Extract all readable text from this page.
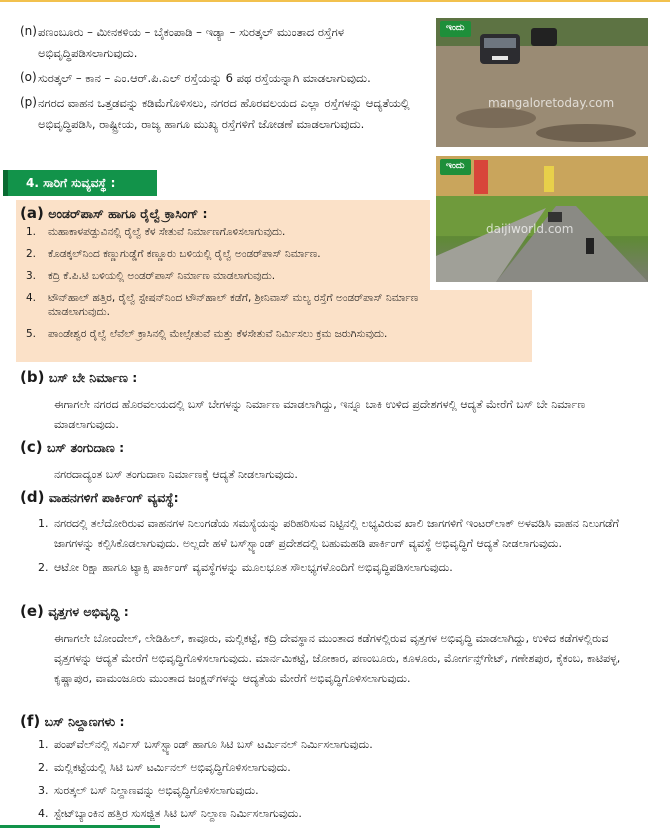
(n) ಪಣಂಬೂರು – ಮೀನಕಳಿಯ – ಬೈಕಂಪಾಡಿ – ಇಡ್ಯಾ – ಸುರತ್ಕಲ್ ಮುಂತಾದ ರಸ್ತೆಗಳ ಅಭಿವೃದ್ಧಿಪಡಿಸಲಾಗುವುದು.
(o) ಸುರತ್ಕಲ್ – ಕಾನ – ಎಂ.ಆರ್.ಪಿ.ಎಲ್ ರಸ್ತೆಯನ್ನು 6 ಪಥ ರಸ್ತೆಯನ್ನಾಗಿ ಮಾಡಲಾಗುವುದು.
(p) ನಗರದ ವಾಹನ ಒತ್ತಡವನ್ನು ಕಡಿಮೆಗೊಳಿಸಲು, ನಗರದ ಹೊರವಲಯದ ಎಲ್ಲಾ ರಸ್ತೆಗಳನ್ನು ಆದ್ಯತೆಯಲ್ಲಿ ಅಭಿವೃದ್ಧಿಪಡಿಸಿ, ರಾಷ್ಟ್ರೀಯ, ರಾಜ್ಯ ಹಾಗೂ ಮುಖ್ಯ ರಸ್ತೆಗಳಿಗೆ ಜೋಡಣೆ ಮಾಡಲಾಗುವುದು.
ಇಂದು
mangaloretoday.com
ಇಂದು
daijiworld.com
4. ಸಾರಿಗೆ ಸುವ್ಯವಸ್ಥೆ :
(a) ಅಂಡರ್‌ಪಾಸ್ ಹಾಗೂ ರೈಲ್ವೆ ಕ್ರಾಸಿಂಗ್ :
1.	ಮಹಾಕಾಳಪಡ್ಪುವಿನಲ್ಲಿ ರೈಲ್ವೆ ಕೆಳ ಸೇತುವೆ ನಿರ್ಮಾಣಗೊಳಿಸಲಾಗುವುದು.
2.	ಕೊಡಕ್ಕಲ್‌ನಿಂದ ಕಣ್ಣುಗುಡ್ಡೆಗೆ ಕಣ್ಣೂರು ಬಳಿಯಲ್ಲಿ ರೈಲ್ವೆ ಅಂಡರ್‌ಪಾಸ್ ನಿರ್ಮಾಣ.
3.	ಕದ್ರಿ ಕೆ.ಪಿ.ಟಿ ಬಳಿಯಲ್ಲಿ ಅಂಡರ್‌ಪಾಸ್ ನಿರ್ಮಾಣ ಮಾಡಲಾಗುವುದು.
4.	ಟೌನ್‌ಹಾಲ್ ಹತ್ತಿರ, ರೈಲ್ವೆ ಸ್ಟೇಷನ್‌ನಿಂದ ಟೌನ್‌ಹಾಲ್ ಕಡೆಗೆ, ಶ್ರೀನಿವಾಸ್ ಮಲ್ಯ ರಸ್ತೆಗೆ ಅಂಡರ್‌ಪಾಸ್ ನಿರ್ಮಾಣ ಮಾಡಲಾಗುವುದು.
5.	ಪಾಂಡೇಶ್ವರ ರೈಲ್ವೆ ಲೆವೆಲ್ ಕ್ರಾಸಿನಲ್ಲಿ ಮೇಲ್ಸೇತುವೆ ಮತ್ತು ಕೆಳಸೇತುವೆ ನಿರ್ಮಿಸಲು ಕ್ರಮ ಜರುಗಿಸುವುದು.
(b) ಬಸ್ ಬೇ ನಿರ್ಮಾಣ :
ಈಗಾಗಲೇ ನಗರದ ಹೊರವಲಯದಲ್ಲಿ ಬಸ್ ಬೇಗಳನ್ನು ನಿರ್ಮಾಣ ಮಾಡಲಾಗಿದ್ದು, ಇನ್ನೂ ಬಾಕಿ ಉಳಿದ ಪ್ರದೇಶಗಳಲ್ಲಿ ಆದ್ಯತೆ ಮೇರೆಗೆ ಬಸ್ ಬೇ ನಿರ್ಮಾಣ ಮಾಡಲಾಗುವುದು.
(c) ಬಸ್ ತಂಗುದಾಣ :
ನಗರದಾದ್ಯಂತ ಬಸ್ ತಂಗುದಾಣ ನಿರ್ಮಾಣಕ್ಕೆ ಆದ್ಯತೆ ನೀಡಲಾಗುವುದು.
(d) ವಾಹನಗಳಿಗೆ ಪಾರ್ಕಿಂಗ್ ವ್ಯವಸ್ಥೆ:
1. ನಗರದಲ್ಲಿ ತಲೆದೋರಿರುವ ವಾಹನಗಳ ನಿಲುಗಡೆಯ ಸಮಸ್ಯೆಯನ್ನು ಪರಿಹರಿಸುವ ನಿಟ್ಟಿನಲ್ಲಿ ಲಭ್ಯವಿರುವ ಖಾಲಿ ಜಾಗಗಳಿಗೆ ಇಂಟರ್‌ಲಾಕ್ ಅಳವಡಿಸಿ ವಾಹನ ನಿಲುಗಡೆಗೆ ಜಾಗಗಳನ್ನು ಕಲ್ಪಿಸಿಕೊಡಲಾಗುವುದು. ಅಲ್ಲದೇ ಹಳೆ ಬಸ್‌ಸ್ಟ್ಯಾಂಡ್ ಪ್ರದೇಶದಲ್ಲಿ ಬಹುಮಹಡಿ ಪಾರ್ಕಿಂಗ್ ವ್ಯವಸ್ಥೆ ಅಭಿವೃದ್ಧಿಗೆ ಆದ್ಯತೆ ನೀಡಲಾಗುವುದು.
2. ಆಟೋ ರಿಕ್ಷಾ ಹಾಗೂ ಟ್ಯಾಕ್ಸಿ ಪಾರ್ಕಿಂಗ್ ವ್ಯವಸ್ಥೆಗಳನ್ನು ಮೂಲಭೂತ ಸೌಲಭ್ಯಗಳೊಂದಿಗೆ ಅಭಿವೃದ್ಧಿಪಡಿಸಲಾಗುವುದು.
(e) ವೃತ್ತಗಳ ಅಭಿವೃದ್ಧಿ :
ಈಗಾಗಲೇ ಬೋಂದೇಲ್, ಲೇಡಿಹಿಲ್, ಕಾವೂರು, ಮಲ್ಲಿಕಟ್ಟೆ, ಕದ್ರಿ ದೇವಸ್ಥಾನ ಮುಂತಾದ ಕಡೆಗಳಲ್ಲಿರುವ ವೃತ್ತಗಳ ಅಭಿವೃದ್ಧಿ ಮಾಡಲಾಗಿದ್ದು, ಉಳಿದ ಕಡೆಗಳಲ್ಲಿರುವ ವೃತ್ತಗಳನ್ನು ಆದ್ಯತೆ ಮೇರೆಗೆ ಅಭಿವೃದ್ಧಿಗೊಳಿಸಲಾಗುವುದು. ಮಾರ್ನಮಿಕಟ್ಟೆ, ಜೋಕಾರ, ಪಣಂಬೂರು, ಕೂಳೂರು, ಮೋರ್ಗನ್ಸ್‌ಗೇಟ್, ಗಣೇಶಪುರ, ಕೈಕಂಬ, ಕಾಟಿಪಳ್ಳ, ಕೃಷ್ಣಾಪುರ, ವಾಮಂಜೂರು ಮುಂತಾದ ಜಂಕ್ಷನ್‌ಗಳನ್ನು ಆದ್ಯತೆಯ ಮೇರೆಗೆ ಅಭಿವೃದ್ಧಿಗೊಳಿಸಲಾಗುವುದು.
(f) ಬಸ್ ನಿಲ್ದಾಣಗಳು :
1. ಪಂಪ್‌ವೆಲ್‌ನಲ್ಲಿ ಸರ್ವಿಸ್ ಬಸ್‌ಸ್ಟ್ಯಾಂಡ್ ಹಾಗೂ ಸಿಟಿ ಬಸ್ ಟರ್ಮಿನಲ್ ನಿರ್ಮಿಸಲಾಗುವುದು.
2. ಮಲ್ಲಿಕಟ್ಟೆಯಲ್ಲಿ ಸಿಟಿ ಬಸ್ ಟರ್ಮಿನಲ್ ಅಭಿವೃದ್ಧಿಗೊಳಿಸಲಾಗುವುದು.
3. ಸುರತ್ಕಲ್ ಬಸ್ ನಿಲ್ದಾಣವನ್ನು ಅಭಿವೃದ್ಧಿಗೊಳಿಸಲಾಗುವುದು.
4. ಸ್ಟೇಟ್‌ಬ್ಯಾಂಕಿನ ಹತ್ತಿರ ಸುಸಜ್ಜಿತ ಸಿಟಿ ಬಸ್ ನಿಲ್ದಾಣ ನಿರ್ಮಿಸಲಾಗುವುದು.
